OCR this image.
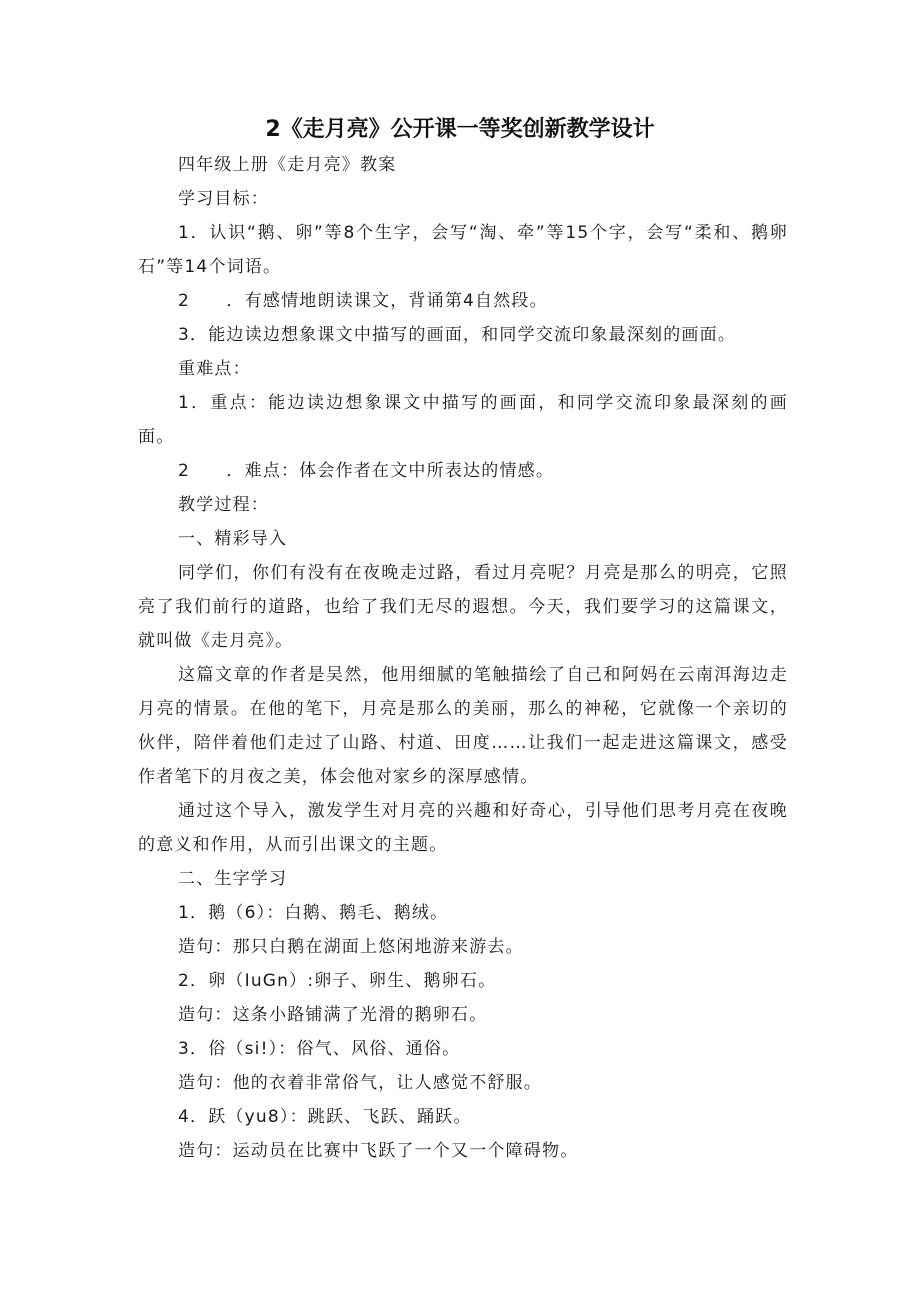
2《走月亮》公开课一等奖创新教学设计

四年级上册《走月亮》教案

学习目标：

1．认识“鹅、卵”等8个生字，会写“淘、牵”等15个字，会写“柔和、鹅卵石”等14个词语。

2　　．有感情地朗读课文，背诵第4自然段。

3．能边读边想象课文中描写的画面，和同学交流印象最深刻的画面。

重难点：

1．重点：能边读边想象课文中描写的画面，和同学交流印象最深刻的画面。

2　　．难点：体会作者在文中所表达的情感。

教学过程：

一、精彩导入

同学们，你们有没有在夜晚走过路，看过月亮呢？月亮是那么的明亮，它照亮了我们前行的道路，也给了我们无尽的遐想。今天，我们要学习的这篇课文，就叫做《走月亮》。

这篇文章的作者是吴然，他用细腻的笔触描绘了自己和阿妈在云南洱海边走月亮的情景。在他的笔下，月亮是那么的美丽，那么的神秘，它就像一个亲切的伙伴，陪伴着他们走过了山路、村道、田度……让我们一起走进这篇课文，感受作者笔下的月夜之美，体会他对家乡的深厚感情。

通过这个导入，激发学生对月亮的兴趣和好奇心，引导他们思考月亮在夜晚的意义和作用，从而引出课文的主题。

二、生字学习

1．鹅（6）：白鹅、鹅毛、鹅绒。

造句：那只白鹅在湖面上悠闲地游来游去。

2．卵（IuGn）:卵子、卵生、鹅卵石。

造句：这条小路铺满了光滑的鹅卵石。

3．俗（si!）：俗气、风俗、通俗。

造句：他的衣着非常俗气，让人感觉不舒服。

4．跃（yu8）：跳跃、飞跃、踊跃。

造句：运动员在比赛中飞跃了一个又一个障碍物。
